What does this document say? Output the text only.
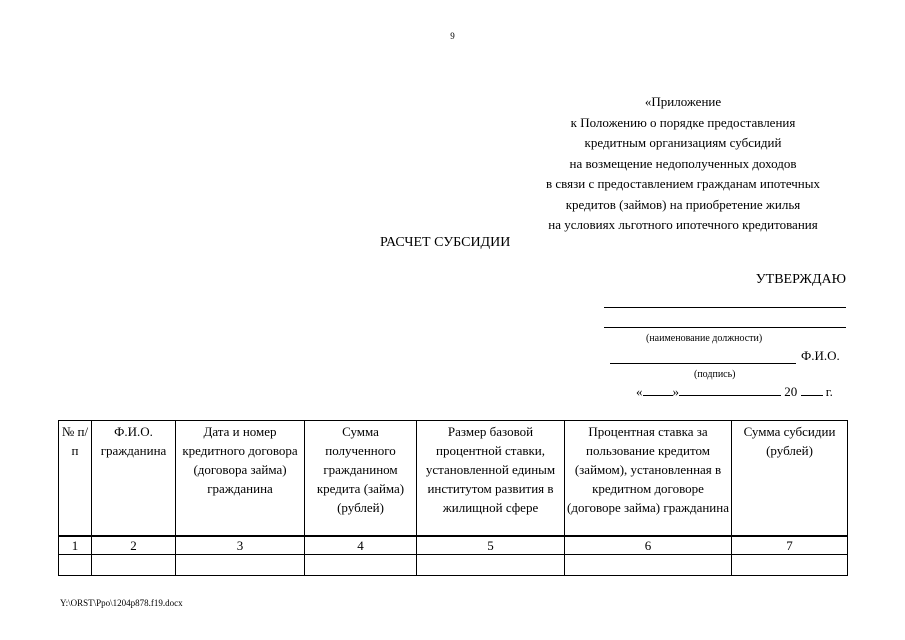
9
«Приложение
к Положению о порядке предоставления
кредитным организациям субсидий
на возмещение недополученных доходов
в связи с предоставлением гражданам ипотечных
кредитов (займов) на приобретение жилья
на условиях льготного ипотечного кредитования
РАСЧЕТ СУБСИДИИ
УТВЕРЖДАЮ
(наименование должности)
Ф.И.О.
(подпись)
« »	20 г.
№ п/п	Ф.И.О. гражданина	Дата и номер кредитного договора (договора займа) гражданина	Сумма полученного гражданином кредита (займа) (рублей)	Размер базовой процентной ставки, установленной единым институтом развития в жилищной сфере	Процентная ставка за пользование кредитом (займом), установленная в кредитном договоре (договоре займа) гражданина	Сумма субсидии (рублей)
1	2	3	4	5	6	7

Y:\ORST\Ppo\1204p878.f19.docx
